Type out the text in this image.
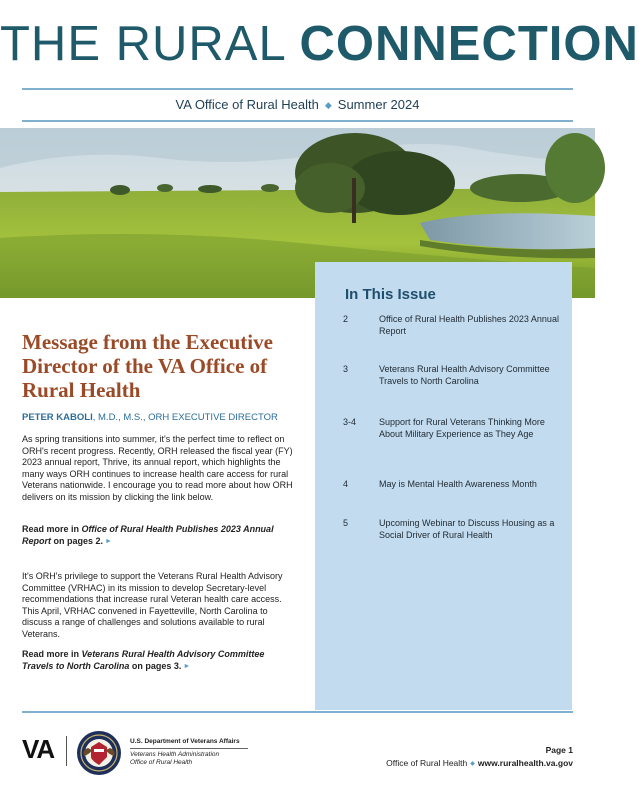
THE RURAL CONNECTION
VA Office of Rural Health ◆ Summer 2024
In This Issue
2	Office of Rural Health Publishes 2023 Annual Report
3	Veterans Rural Health Advisory Committee Travels to North Carolina
3-4	Support for Rural Veterans Thinking More About Military Experience as They Age
4	May is Mental Health Awareness Month
5	Upcoming Webinar to Discuss Housing as a Social Driver of Rural Health
Message from the Executive Director of the VA Office of Rural Health
PETER KABOLI, M.D., M.S., ORH EXECUTIVE DIRECTOR

As spring transitions into summer, it's the perfect time to reflect on ORH's recent progress. Recently, ORH released the fiscal year (FY) 2023 annual report, Thrive, its annual report, which highlights the many ways ORH continues to increase health care access for rural Veterans nationwide. I encourage you to read more about how ORH delivers on its mission by clicking the link below.

Read more in Office of Rural Health Publishes 2023 Annual Report on pages 2. ►

It's ORH's privilege to support the Veterans Rural Health Advisory Committee (VRHAC) in its mission to develop Secretary-level recommendations that increase rural Veteran health care access. This April, VRHAC convened in Fayetteville, North Carolina to discuss a range of challenges and solutions available to rural Veterans.

Read more in Veterans Rural Health Advisory Committee Travels to North Carolina on pages 3. ►

VA	U.S. Department of Veterans Affairs
Veterans Health Administration
Office of Rural Health
Page 1
Office of Rural Health ◆ www.ruralhealth.va.gov
